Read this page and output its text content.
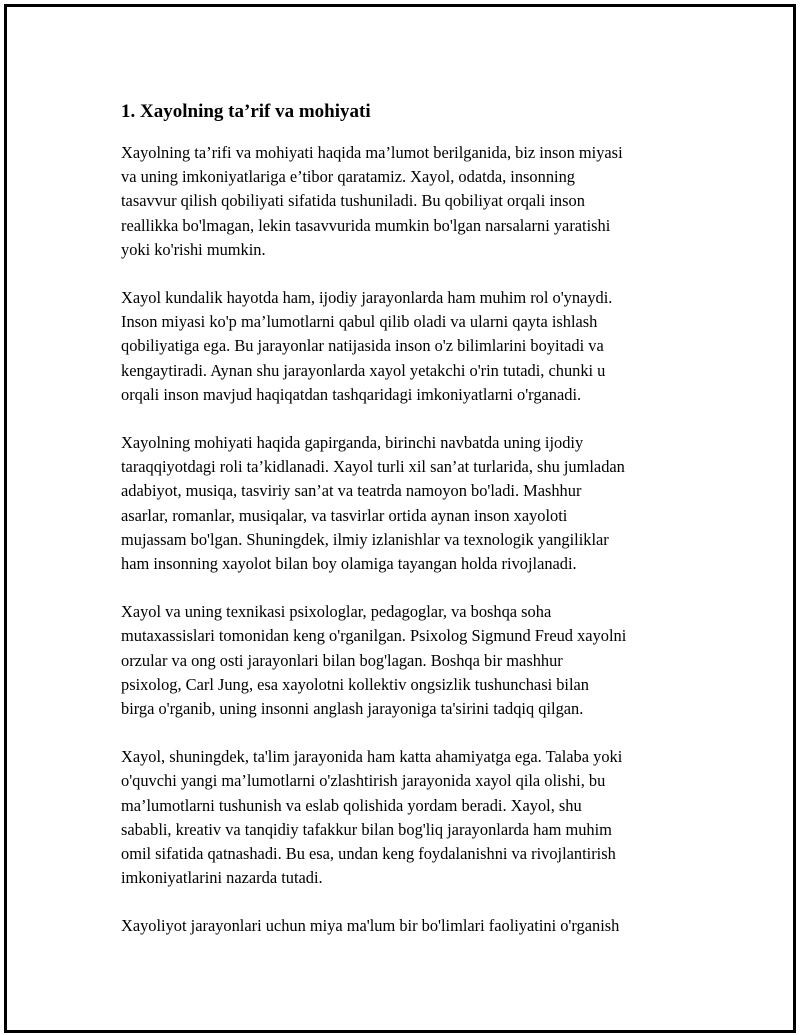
1. Xayolning ta’rif va mohiyati

Xayolning ta’rifi va mohiyati haqida ma’lumot berilganida, biz inson miyasi
va uning imkoniyatlariga e’tibor qaratamiz. Xayol, odatda, insonning
tasavvur qilish qobiliyati sifatida tushuniladi. Bu qobiliyat orqali inson
reallikka bo'lmagan, lekin tasavvurida mumkin bo'lgan narsalarni yaratishi
yoki ko'rishi mumkin.

Xayol kundalik hayotda ham, ijodiy jarayonlarda ham muhim rol o'ynaydi.
Inson miyasi ko'p ma’lumotlarni qabul qilib oladi va ularni qayta ishlash
qobiliyatiga ega. Bu jarayonlar natijasida inson o'z bilimlarini boyitadi va
kengaytiradi. Aynan shu jarayonlarda xayol yetakchi o'rin tutadi, chunki u
orqali inson mavjud haqiqatdan tashqaridagi imkoniyatlarni o'rganadi.

Xayolning mohiyati haqida gapirganda, birinchi navbatda uning ijodiy
taraqqiyotdagi roli ta’kidlanadi. Xayol turli xil san’at turlarida, shu jumladan
adabiyot, musiqa, tasviriy san’at va teatrda namoyon bo'ladi. Mashhur
asarlar, romanlar, musiqalar, va tasvirlar ortida aynan inson xayoloti
mujassam bo'lgan. Shuningdek, ilmiy izlanishlar va texnologik yangiliklar
ham insonning xayolot bilan boy olamiga tayangan holda rivojlanadi.

Xayol va uning texnikasi psixologlar, pedagoglar, va boshqa soha
mutaxassislari tomonidan keng o'rganilgan. Psixolog Sigmund Freud xayolni
orzular va ong osti jarayonlari bilan bog'lagan. Boshqa bir mashhur
psixolog, Carl Jung, esa xayolotni kollektiv ongsizlik tushunchasi bilan
birga o'rganib, uning insonni anglash jarayoniga ta'sirini tadqiq qilgan.

Xayol, shuningdek, ta'lim jarayonida ham katta ahamiyatga ega. Talaba yoki
o'quvchi yangi ma’lumotlarni o'zlashtirish jarayonida xayol qila olishi, bu
ma’lumotlarni tushunish va eslab qolishida yordam beradi. Xayol, shu
sababli, kreativ va tanqidiy tafakkur bilan bog'liq jarayonlarda ham muhim
omil sifatida qatnashadi. Bu esa, undan keng foydalanishni va rivojlantirish
imkoniyatlarini nazarda tutadi.

Xayoliyot jarayonlari uchun miya ma'lum bir bo'limlari faoliyatini o'rganish
